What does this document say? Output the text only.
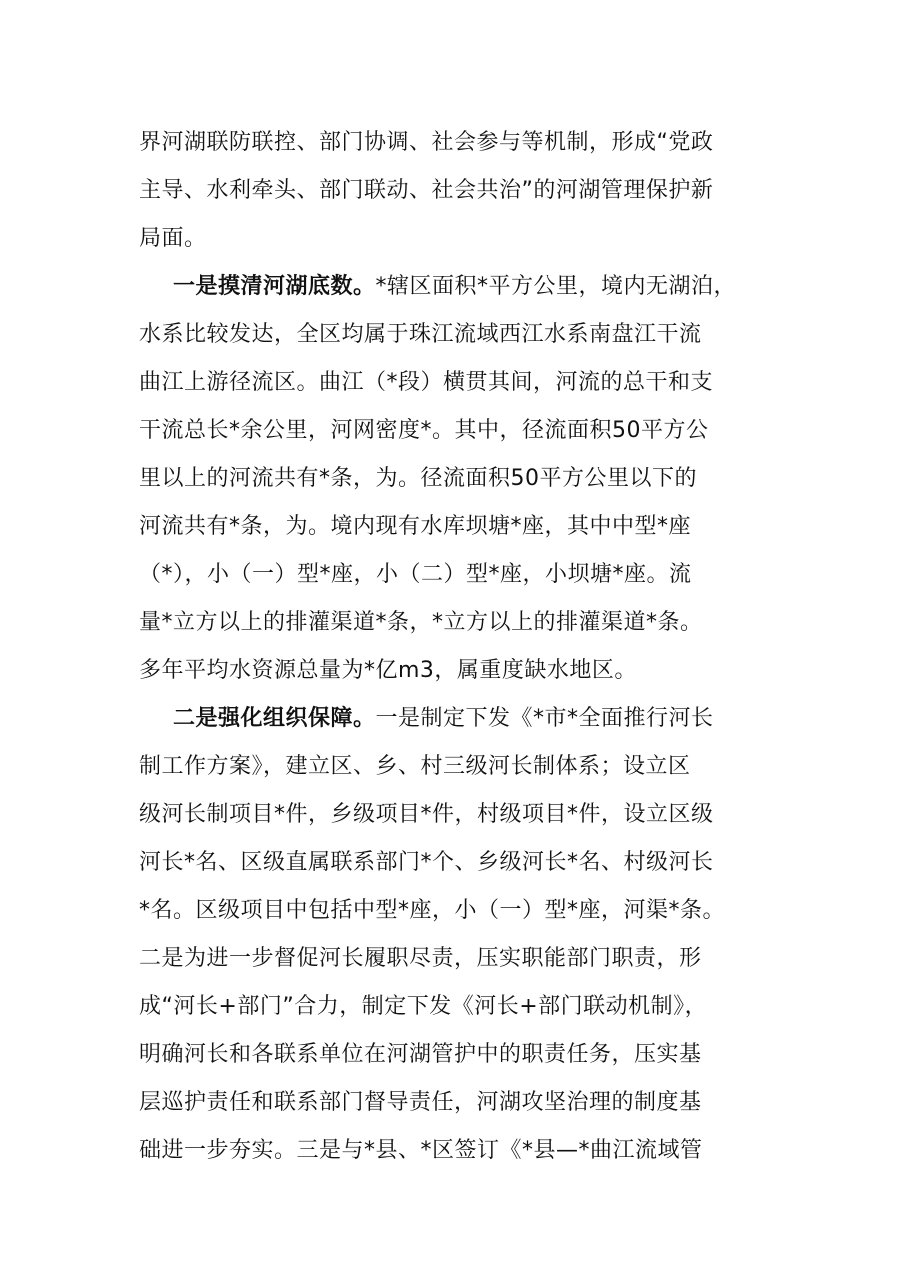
界河湖联防联控、部门协调、社会参与等机制，形成“党政
主导、水利牵头、部门联动、社会共治”的河湖管理保护新
局面。
一是摸清河湖底数。*辖区面积*平方公里，境内无湖泊，
水系比较发达，全区均属于珠江流域西江水系南盘江干流
曲江上游径流区。曲江（*段）横贯其间，河流的总干和支
干流总长*余公里，河网密度*。其中，径流面积50平方公
里以上的河流共有*条，为。径流面积50平方公里以下的
河流共有*条，为。境内现有水库坝塘*座，其中中型*座
（*），小（一）型*座，小（二）型*座，小坝塘*座。流
量*立方以上的排灌渠道*条，*立方以上的排灌渠道*条。
多年平均水资源总量为*亿m3，属重度缺水地区。
二是强化组织保障。一是制定下发《*市*全面推行河长
制工作方案》，建立区、乡、村三级河长制体系；设立区
级河长制项目*件，乡级项目*件，村级项目*件，设立区级
河长*名、区级直属联系部门*个、乡级河长*名、村级河长
*名。区级项目中包括中型*座，小（一）型*座，河渠*条。
二是为进一步督促河长履职尽责，压实职能部门职责，形
成“河长+部门”合力，制定下发《河长+部门联动机制》，
明确河长和各联系单位在河湖管护中的职责任务，压实基
层巡护责任和联系部门督导责任，河湖攻坚治理的制度基
础进一步夯实。三是与*县、*区签订《*县—*曲江流域管
